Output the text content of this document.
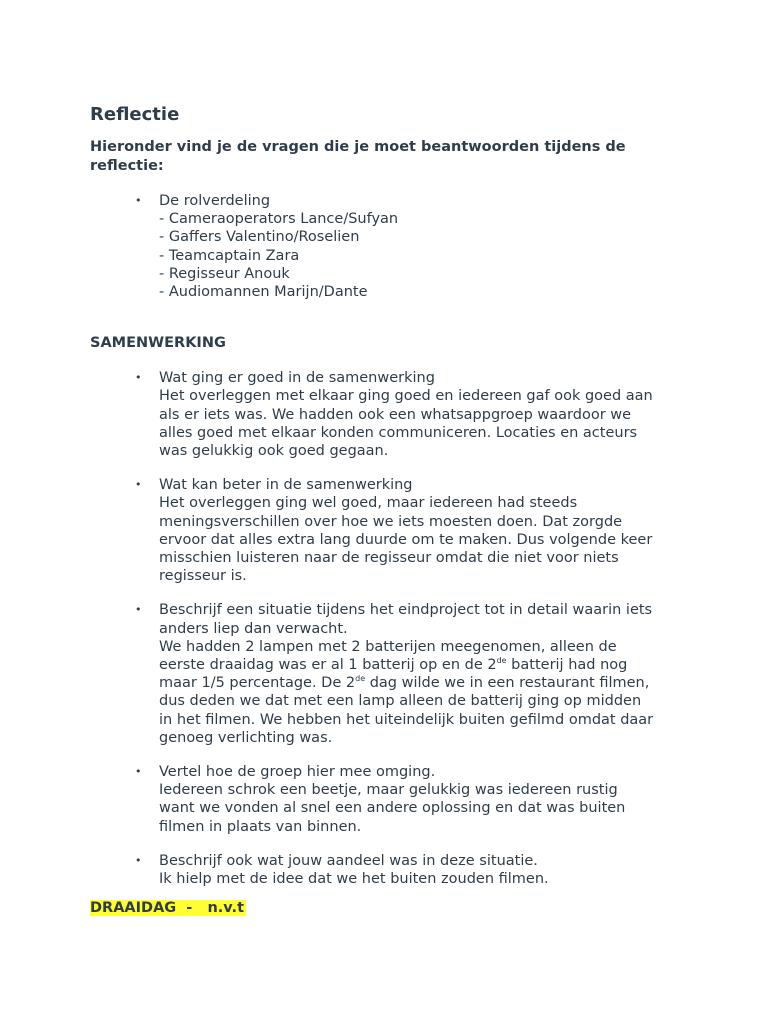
Reflectie
Hieronder vind je de vragen die je moet beantwoorden tijdens de
reflectie:
• De rolverdeling
- Cameraoperators Lance/Sufyan
- Gaffers Valentino/Roselien
- Teamcaptain Zara
- Regisseur Anouk
- Audiomannen Marijn/Dante
SAMENWERKING
• Wat ging er goed in de samenwerking
Het overleggen met elkaar ging goed en iedereen gaf ook goed aan
als er iets was. We hadden ook een whatsappgroep waardoor we
alles goed met elkaar konden communiceren. Locaties en acteurs
was gelukkig ook goed gegaan.
• Wat kan beter in de samenwerking
Het overleggen ging wel goed, maar iedereen had steeds
meningsverschillen over hoe we iets moesten doen. Dat zorgde
ervoor dat alles extra lang duurde om te maken. Dus volgende keer
misschien luisteren naar de regisseur omdat die niet voor niets
regisseur is.
• Beschrijf een situatie tijdens het eindproject tot in detail waarin iets
anders liep dan verwacht.
We hadden 2 lampen met 2 batterijen meegenomen, alleen de
eerste draaidag was er al 1 batterij op en de 2de batterij had nog
maar 1/5 percentage. De 2de dag wilde we in een restaurant filmen,
dus deden we dat met een lamp alleen de batterij ging op midden
in het filmen. We hebben het uiteindelijk buiten gefilmd omdat daar
genoeg verlichting was.
• Vertel hoe de groep hier mee omging.
Iedereen schrok een beetje, maar gelukkig was iedereen rustig
want we vonden al snel een andere oplossing en dat was buiten
filmen in plaats van binnen.
• Beschrijf ook wat jouw aandeel was in deze situatie.
Ik hielp met de idee dat we het buiten zouden filmen.
DRAAIDAG  -   n.v.t
